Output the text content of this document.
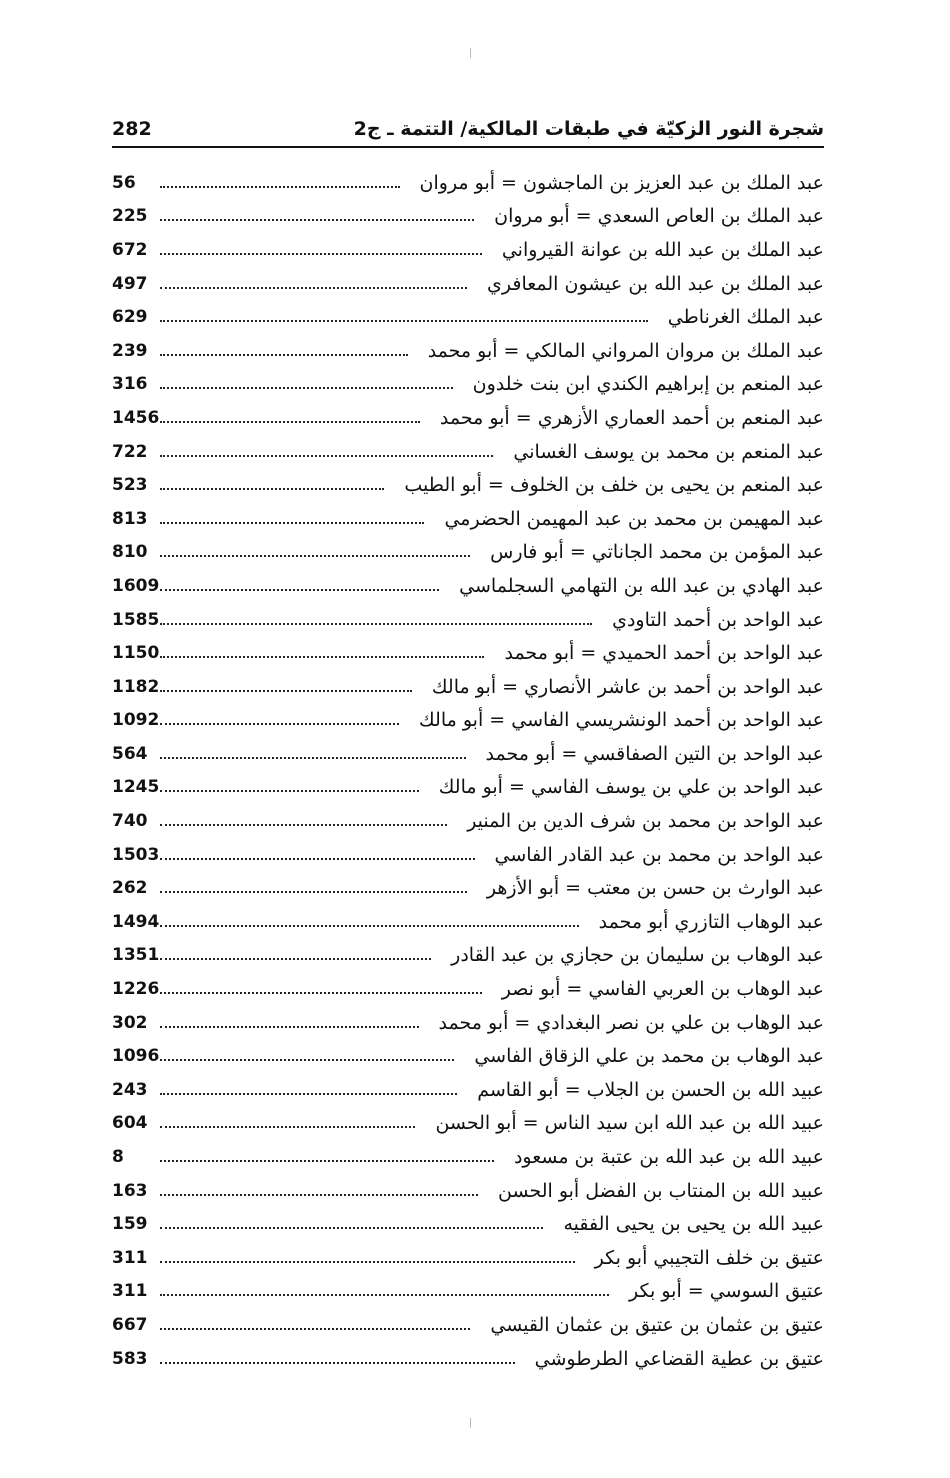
282	شجرة النور الزكيّة في طبقات المالكية/ التتمة ـ ج2
عبد الملك بن عبد العزيز بن الماجشون = أبو مروان
56
عبد الملك بن العاص السعدي = أبو مروان
225
عبد الملك بن عبد الله بن عوانة القيرواني
672
عبد الملك بن عبد الله بن عيشون المعافري
497
عبد الملك الغرناطي
629
عبد الملك بن مروان المرواني المالكي = أبو محمد
239
عبد المنعم بن إبراهيم الكندي ابن بنت خلدون
316
عبد المنعم بن أحمد العماري الأزهري = أبو محمد
1456
عبد المنعم بن محمد بن يوسف الغساني
722
عبد المنعم بن يحيى بن خلف بن الخلوف = أبو الطيب
523
عبد المهيمن بن محمد بن عبد المهيمن الحضرمي
813
عبد المؤمن بن محمد الجاناتي = أبو فارس
810
عبد الهادي بن عبد الله بن التهامي السجلماسي
1609
عبد الواحد بن أحمد التاودي
1585
عبد الواحد بن أحمد الحميدي = أبو محمد
1150
عبد الواحد بن أحمد بن عاشر الأنصاري = أبو مالك
1182
عبد الواحد بن أحمد الونشريسي الفاسي = أبو مالك
1092
عبد الواحد بن التين الصفاقسي = أبو محمد
564
عبد الواحد بن علي بن يوسف الفاسي = أبو مالك
1245
عبد الواحد بن محمد بن شرف الدين بن المنير
740
عبد الواحد بن محمد بن عبد القادر الفاسي
1503
عبد الوارث بن حسن بن معتب = أبو الأزهر
262
عبد الوهاب التازري أبو محمد
1494
عبد الوهاب بن سليمان بن حجازي بن عبد القادر
1351
عبد الوهاب بن العربي الفاسي = أبو نصر
1226
عبد الوهاب بن علي بن نصر البغدادي = أبو محمد
302
عبد الوهاب بن محمد بن علي الزقاق الفاسي
1096
عبيد الله بن الحسن بن الجلاب = أبو القاسم
243
عبيد الله بن عبد الله ابن سيد الناس = أبو الحسن
604
عبيد الله بن عبد الله بن عتبة بن مسعود
8
عبيد الله بن المنتاب بن الفضل أبو الحسن
163
عبيد الله بن يحيى بن يحيى الفقيه
159
عتيق بن خلف التجيبي أبو بكر
311
عتيق السوسي = أبو بكر
311
عتيق بن عثمان بن عتيق بن عثمان القيسي
667
عتيق بن عطية القضاعي الطرطوشي
583
